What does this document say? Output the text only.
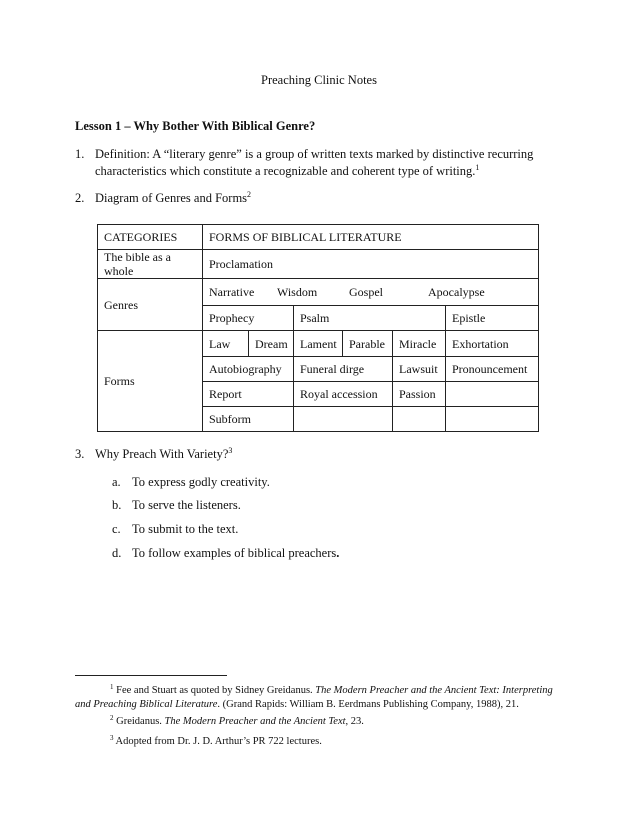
Preaching Clinic Notes
Lesson 1 – Why Bother With Biblical Genre?
1. Definition: A “literary genre” is a group of written texts marked by distinctive recurring
characteristics which constitute a recognizable and coherent type of writing.$^1$
2. Diagram of Genres and Forms$^2$
CATEGORIES	FORMS OF BIBLICAL LITERATURE					
The bible as a whole	Proclamation					
Genres	Narrative Wisdom Gospel Apocalypse					

	Prophecy		Psalm			Epistle
Forms	Law	Dream	Lament	Parable	Miracle	Exhortation
	Autobiography		Funeral dirge		Lawsuit	Pronouncement
	Report		Royal accession		Passion	
	Subform					
3. Why Preach With Variety?$^3$
a. To express godly creativity.
b. To serve the listeners.
c. To submit to the text.
d. To follow examples of biblical preachers.
$^1$ Fee and Stuart as quoted by Sidney Greidanus. The Modern Preacher and the Ancient Text: Interpreting
and Preaching Biblical Literature. (Grand Rapids: William B. Eerdmans Publishing Company, 1988), 21.
$^2$ Greidanus. The Modern Preacher and the Ancient Text, 23.
$^3$ Adopted from Dr. J. D. Arthur’s PR 722 lectures.
